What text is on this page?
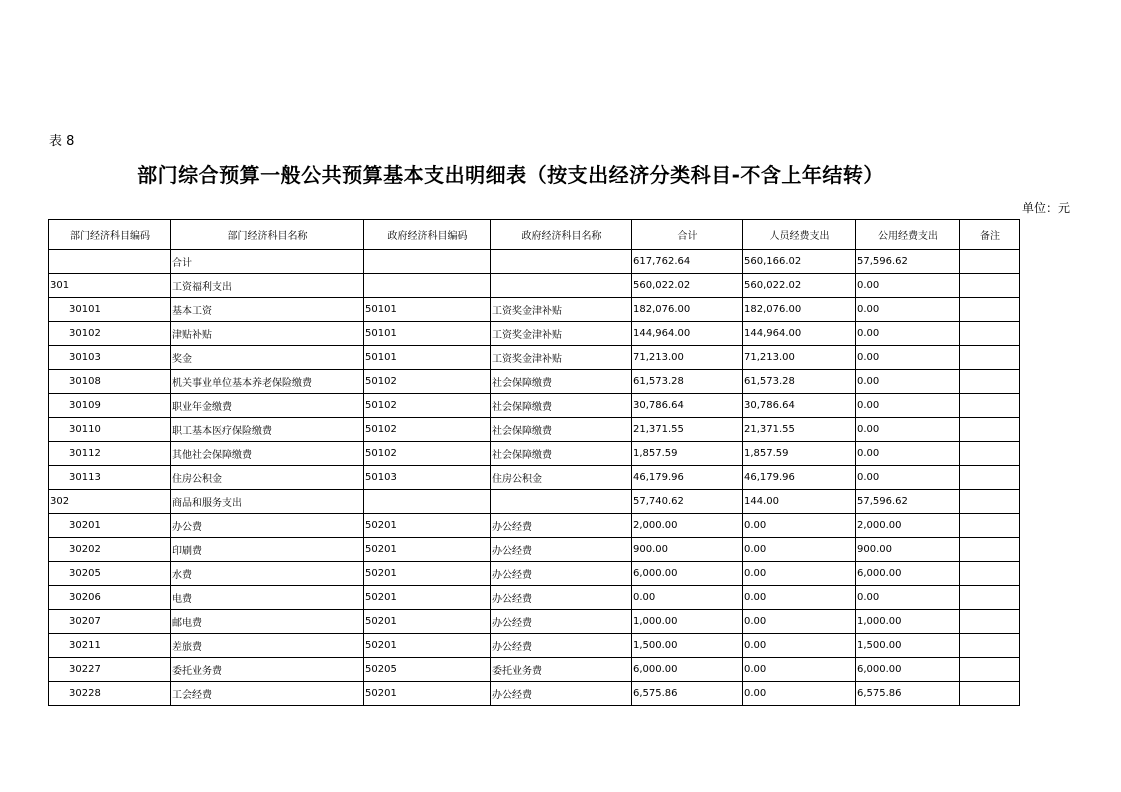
表 8
部门综合预算一般公共预算基本支出明细表（按支出经济分类科目-不含上年结转）
单位：元
部门经济科目编码	部门经济科目名称	政府经济科目编码	政府经济科目名称	合计	人员经费支出	公用经费支出	备注
	合计			617,762.64	560,166.02	57,596.62	
301	工资福利支出			560,022.02	560,022.02	0.00	
30101	基本工资	50101	工资奖金津补贴	182,076.00	182,076.00	0.00	
30102	津贴补贴	50101	工资奖金津补贴	144,964.00	144,964.00	0.00	
30103	奖金	50101	工资奖金津补贴	71,213.00	71,213.00	0.00	
30108	机关事业单位基本养老保险缴费	50102	社会保障缴费	61,573.28	61,573.28	0.00	
30109	职业年金缴费	50102	社会保障缴费	30,786.64	30,786.64	0.00	
30110	职工基本医疗保险缴费	50102	社会保障缴费	21,371.55	21,371.55	0.00	
30112	其他社会保障缴费	50102	社会保障缴费	1,857.59	1,857.59	0.00	
30113	住房公积金	50103	住房公积金	46,179.96	46,179.96	0.00	
302	商品和服务支出			57,740.62	144.00	57,596.62	
30201	办公费	50201	办公经费	2,000.00	0.00	2,000.00	
30202	印刷费	50201	办公经费	900.00	0.00	900.00	
30205	水费	50201	办公经费	6,000.00	0.00	6,000.00	
30206	电费	50201	办公经费	0.00	0.00	0.00	
30207	邮电费	50201	办公经费	1,000.00	0.00	1,000.00	
30211	差旅费	50201	办公经费	1,500.00	0.00	1,500.00	
30227	委托业务费	50205	委托业务费	6,000.00	0.00	6,000.00	
30228	工会经费	50201	办公经费	6,575.86	0.00	6,575.86	
